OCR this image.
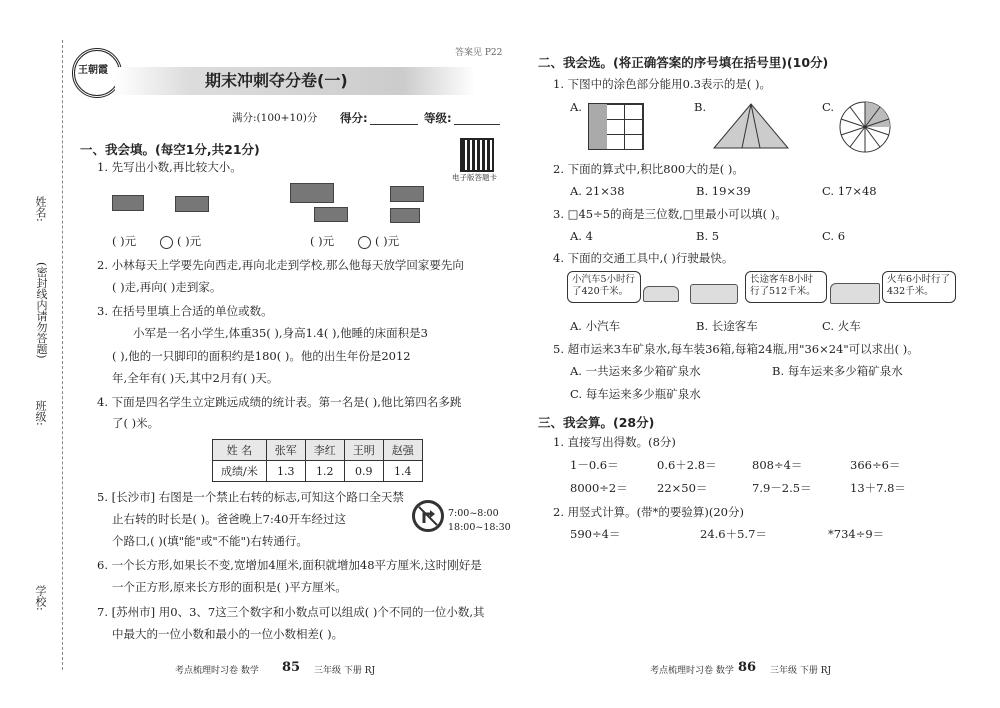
姓名:
班级:
学校:
(密封线内请勿答题)
王朝霞
答案见 P22
期末冲刺夺分卷(一)
满分:(100+10)分 得分:	等级:
电子版答题卡
一、我会填。(每空1分,共21分)
1. 先写出小数,再比较大小。
( )元	( )元	( )元	( )元
2. 小林每天上学要先向西走,再向北走到学校,那么他每天放学回家要先向
( )走,再向( )走到家。
3. 在括号里填上合适的单位或数。
小军是一名小学生,体重35( ),身高1.4( ),他睡的床面积是3
( ),他的一只脚印的面积约是180( )。他的出生年份是2012
年,全年有( )天,其中2月有( )天。
4. 下面是四名学生立定跳远成绩的统计表。第一名是( ),他比第四名多跳
了( )米。
姓 名	张军	李红	王明	赵强
成绩/米	1.3	1.2	0.9	1.4
5. [长沙市] 右图是一个禁止右转的标志,可知这个路口全天禁
止右转的时长是( )。爸爸晚上7:40开车经过这
个路口,( )(填"能"或"不能")右转通行。
7:00~8:00
18:00~18:30
6. 一个长方形,如果长不变,宽增加4厘米,面积就增加48平方厘米,这时刚好是
一个正方形,原来长方形的面积是( )平方厘米。
7. [苏州市] 用0、3、7这三个数字和小数点可以组成( )个不同的一位小数,其
中最大的一位小数和最小的一位小数相差( )。
考点梳理时习卷 数学 85 三年级 下册 RJ
二、我会选。(将正确答案的序号填在括号里)(10分)
1. 下图中的涂色部分能用0.3表示的是( )。
A.	B.	C.
2. 下面的算式中,积比800大的是( )。
A. 21×38	B. 19×39	C. 17×48
3. □45÷5的商是三位数,□里最小可以填( )。
A. 4	B. 5	C. 6
4. 下面的交通工具中,( )行驶最快。
小汽车5小时行了420千米。
长途客车8小时行了512千米。
火车6小时行了432千米。
A. 小汽车	B. 长途客车	C. 火车
5. 超市运来3车矿泉水,每车装36箱,每箱24瓶,用"36×24"可以求出( )。
A. 一共运来多少箱矿泉水	B. 每车运来多少箱矿泉水
C. 每车运来多少瓶矿泉水
三、我会算。(28分)
1. 直接写出得数。(8分)
1－0.6＝	0.6＋2.8＝	808÷4＝	366÷6＝
8000÷2＝	22×50＝	7.9－2.5＝	13＋7.8＝
2. 用竖式计算。(带*的要验算)(20分)
590÷4＝	24.6＋5.7＝	*734÷9＝
考点梳理时习卷 数学 86 三年级 下册 RJ
